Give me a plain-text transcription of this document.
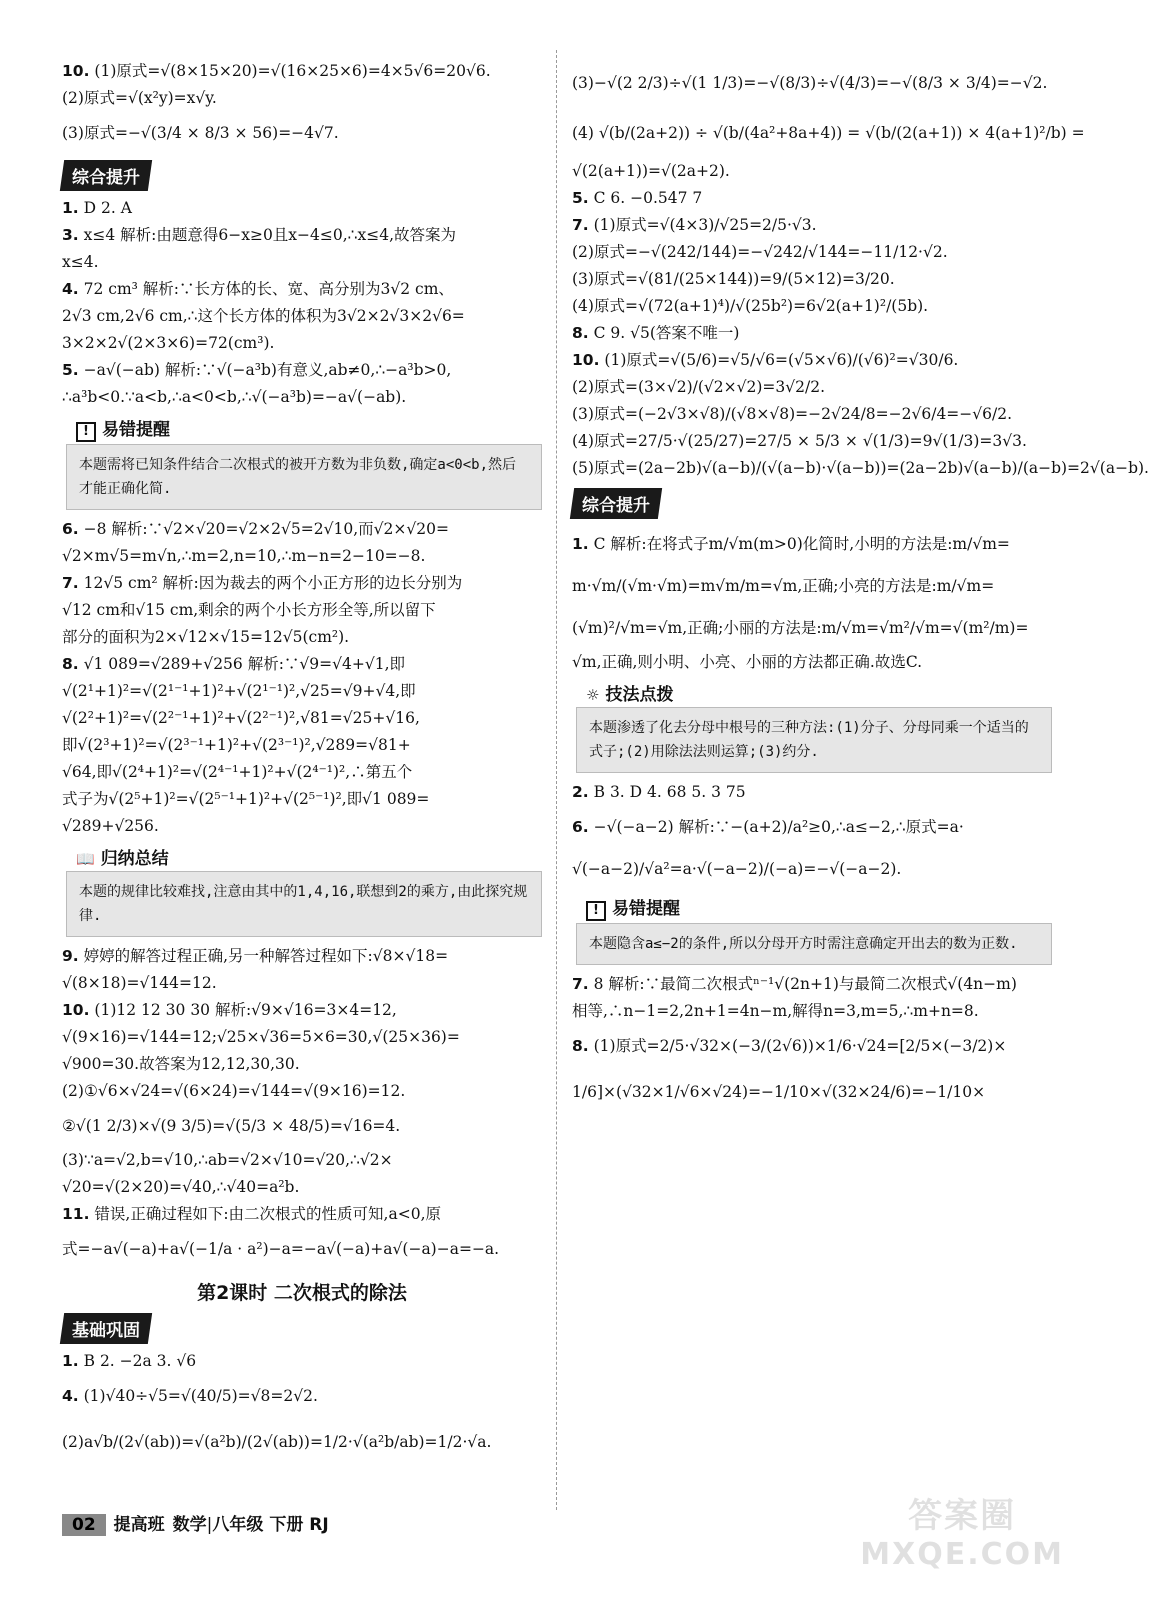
10. (1)原式=√(8×15×20)=√(16×25×6)=4×5√6=20√6.
(2)原式=√(x²y)=x√y.
(3)原式=−√(3/4 × 8/3 × 56)=−4√7.
综合提升
1. D 2. A
3. x≤4 解析:由题意得6−x≥0且x−4≤0,∴x≤4,故答案为
x≤4.
4. 72 cm³ 解析:∵长方体的长、宽、高分别为3√2 cm、
2√3 cm,2√6 cm,∴这个长方体的体积为3√2×2√3×2√6=
3×2×2√(2×3×6)=72(cm³).
5. −a√(−ab) 解析:∵√(−a³b)有意义,ab≠0,∴−a³b>0,
∴a³b<0.∵a<b,∴a<0<b,∴√(−a³b)=−a√(−ab).
! 易错提醒
本题需将已知条件结合二次根式的被开方数为非负数,确定a<0<b,然后才能正确化简.
6. −8 解析:∵√2×√20=√2×2√5=2√10,而√2×√20=
√2×m√5=m√n,∴m=2,n=10,∴m−n=2−10=−8.
7. 12√5 cm² 解析:因为裁去的两个小正方形的边长分别为
√12 cm和√15 cm,剩余的两个小长方形全等,所以留下
部分的面积为2×√12×√15=12√5(cm²).
8. √1 089=√289+√256 解析:∵√9=√4+√1,即
√(2¹+1)²=√(2¹⁻¹+1)²+√(2¹⁻¹)²,√25=√9+√4,即
√(2²+1)²=√(2²⁻¹+1)²+√(2²⁻¹)²,√81=√25+√16,
即√(2³+1)²=√(2³⁻¹+1)²+√(2³⁻¹)²,√289=√81+
√64,即√(2⁴+1)²=√(2⁴⁻¹+1)²+√(2⁴⁻¹)²,∴第五个
式子为√(2⁵+1)²=√(2⁵⁻¹+1)²+√(2⁵⁻¹)²,即√1 089=
√289+√256.
📖 归纳总结
本题的规律比较难找,注意由其中的1,4,16,联想到2的乘方,由此探究规律.
9. 婷婷的解答过程正确,另一种解答过程如下:√8×√18=
√(8×18)=√144=12.
10. (1)12 12 30 30 解析:√9×√16=3×4=12,
√(9×16)=√144=12;√25×√36=5×6=30,√(25×36)=
√900=30.故答案为12,12,30,30.
(2)①√6×√24=√(6×24)=√144=√(9×16)=12.
②√(1 2/3)×√(9 3/5)=√(5/3 × 48/5)=√16=4.
(3)∵a=√2,b=√10,∴ab=√2×√10=√20,∴√2×
√20=√(2×20)=√40,∴√40=a²b.
11. 错误,正确过程如下:由二次根式的性质可知,a<0,原
式=−a√(−a)+a√(−1/a · a²)−a=−a√(−a)+a√(−a)−a=−a.
第2课时 二次根式的除法
基础巩固
1. B 2. −2a 3. √6
4. (1)√40÷√5=√(40/5)=√8=2√2.
(2)a√b/(2√(ab))=√(a²b)/(2√(ab))=1/2·√(a²b/ab)=1/2·√a.
(3)−√(2 2/3)÷√(1 1/3)=−√(8/3)÷√(4/3)=−√(8/3 × 3/4)=−√2.
(4) √(b/(2a+2)) ÷ √(b/(4a²+8a+4)) = √(b/(2(a+1)) × 4(a+1)²/b) =
√(2(a+1))=√(2a+2).
5. C 6. −0.547 7
7. (1)原式=√(4×3)/√25=2/5·√3.
(2)原式=−√(242/144)=−√242/√144=−11/12·√2.
(3)原式=√(81/(25×144))=9/(5×12)=3/20.
(4)原式=√(72(a+1)⁴)/√(25b²)=6√2(a+1)²/(5b).
8. C 9. √5(答案不唯一)
10. (1)原式=√(5/6)=√5/√6=(√5×√6)/(√6)²=√30/6.
(2)原式=(3×√2)/(√2×√2)=3√2/2.
(3)原式=(−2√3×√8)/(√8×√8)=−2√24/8=−2√6/4=−√6/2.
(4)原式=27/5·√(25/27)=27/5 × 5/3 × √(1/3)=9√(1/3)=3√3.
(5)原式=(2a−2b)√(a−b)/(√(a−b)·√(a−b))=(2a−2b)√(a−b)/(a−b)=2√(a−b).
综合提升
1. C 解析:在将式子m/√m(m>0)化简时,小明的方法是:m/√m=
m·√m/(√m·√m)=m√m/m=√m,正确;小亮的方法是:m/√m=
(√m)²/√m=√m,正确;小丽的方法是:m/√m=√m²/√m=√(m²/m)=
√m,正确,则小明、小亮、小丽的方法都正确.故选C.
☼ 技法点拨
本题渗透了化去分母中根号的三种方法:(1)分子、分母同乘一个适当的式子;(2)用除法法则运算;(3)约分.
2. B 3. D 4. 68 5. 3 75
6. −√(−a−2) 解析:∵−(a+2)/a²≥0,∴a≤−2,∴原式=a·
√(−a−2)/√a²=a·√(−a−2)/(−a)=−√(−a−2).
! 易错提醒
本题隐含a≤−2的条件,所以分母开方时需注意确定开出去的数为正数.
7. 8 解析:∵最简二次根式ⁿ⁻¹√(2n+1)与最简二次根式√(4n−m)
相等,∴n−1=2,2n+1=4n−m,解得n=3,m=5,∴m+n=8.
8. (1)原式=2/5·√32×(−3/(2√6))×1/6·√24=[2/5×(−3/2)×
1/6]×(√32×1/√6×√24)=−1/10×√(32×24/6)=−1/10×
02 提高班 数学|八年级 下册 RJ	答案圈
MXQE.COM
